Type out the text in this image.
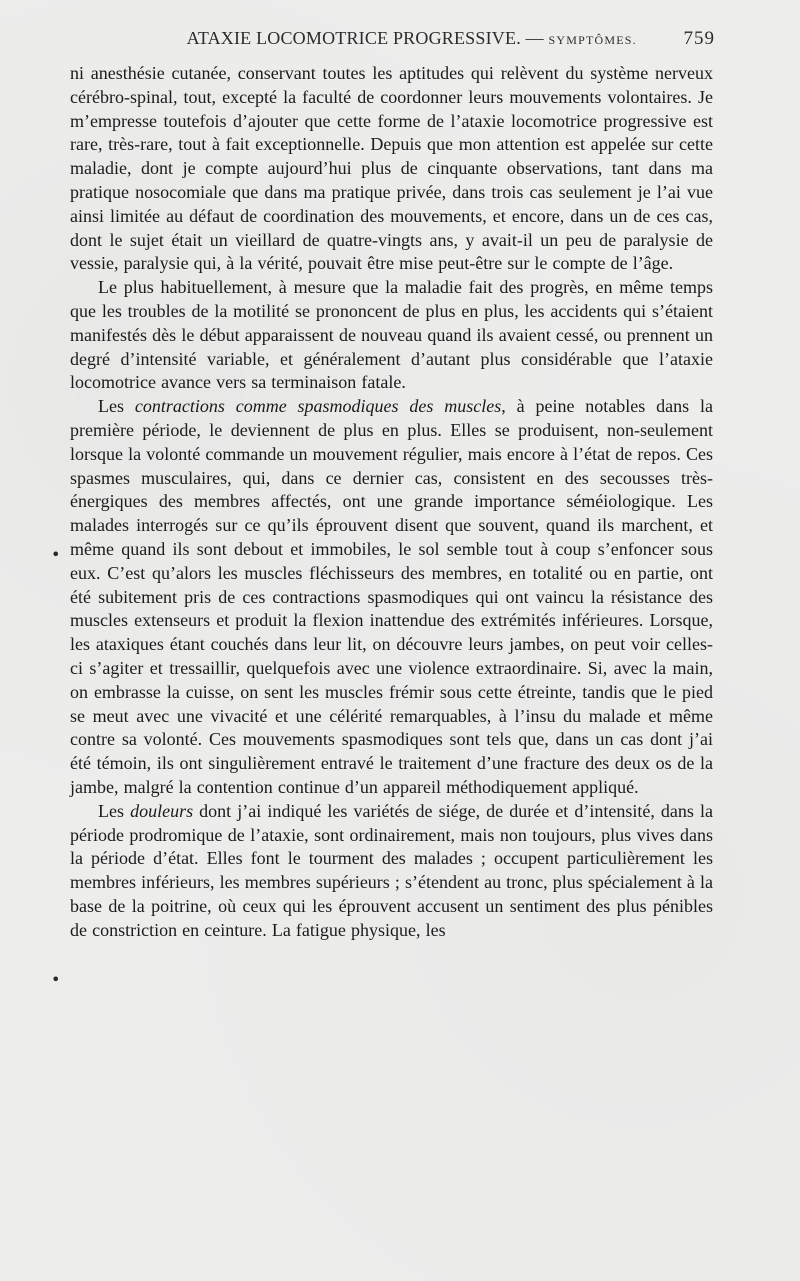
ATAXIE LOCOMOTRICE PROGRESSIVE. — SYMPTÔMES. 759

ni anesthésie cutanée, conservant toutes les aptitudes qui relèvent du système nerveux cérébro-spinal, tout, excepté la faculté de coordonner leurs mouvements volontaires. Je m’empresse toutefois d’ajouter que cette forme de l’ataxie locomotrice progressive est rare, très-rare, tout à fait exceptionnelle. Depuis que mon attention est appelée sur cette maladie, dont je compte aujourd’hui plus de cinquante observations, tant dans ma pratique nosocomiale que dans ma pratique privée, dans trois cas seulement je l’ai vue ainsi limitée au défaut de coordination des mouvements, et encore, dans un de ces cas, dont le sujet était un vieillard de quatre-vingts ans, y avait-il un peu de paralysie de vessie, paralysie qui, à la vérité, pouvait être mise peut-être sur le compte de l’âge.

Le plus habituellement, à mesure que la maladie fait des progrès, en même temps que les troubles de la motilité se prononcent de plus en plus, les accidents qui s’étaient manifestés dès le début apparaissent de nouveau quand ils avaient cessé, ou prennent un degré d’intensité variable, et généralement d’autant plus considérable que l’ataxie locomotrice avance vers sa terminaison fatale.

Les contractions comme spasmodiques des muscles, à peine notables dans la première période, le deviennent de plus en plus. Elles se produisent, non-seulement lorsque la volonté commande un mouvement régulier, mais encore à l’état de repos. Ces spasmes musculaires, qui, dans ce dernier cas, consistent en des secousses très-énergiques des membres affectés, ont une grande importance séméiologique. Les malades interrogés sur ce qu’ils éprouvent disent que souvent, quand ils marchent, et même quand ils sont debout et immobiles, le sol semble tout à coup s’enfoncer sous eux. C’est qu’alors les muscles fléchisseurs des membres, en totalité ou en partie, ont été subitement pris de ces contractions spasmodiques qui ont vaincu la résistance des muscles extenseurs et produit la flexion inattendue des extrémités inférieures. Lorsque, les ataxiques étant couchés dans leur lit, on découvre leurs jambes, on peut voir celles-ci s’agiter et tressaillir, quelquefois avec une violence extraordinaire. Si, avec la main, on embrasse la cuisse, on sent les muscles frémir sous cette étreinte, tandis que le pied se meut avec une vivacité et une célérité remarquables, à l’insu du malade et même contre sa volonté. Ces mouvements spasmodiques sont tels que, dans un cas dont j’ai été témoin, ils ont singulièrement entravé le traitement d’une fracture des deux os de la jambe, malgré la contention continue d’un appareil méthodiquement appliqué.

Les douleurs dont j’ai indiqué les variétés de siége, de durée et d’intensité, dans la période prodromique de l’ataxie, sont ordinairement, mais non toujours, plus vives dans la période d’état. Elles font le tourment des malades ; occupent particulièrement les membres inférieurs, les membres supérieurs ; s’étendent au tronc, plus spécialement à la base de la poitrine, où ceux qui les éprouvent accusent un sentiment des plus pénibles de constriction en ceinture. La fatigue physique, les

•
•
